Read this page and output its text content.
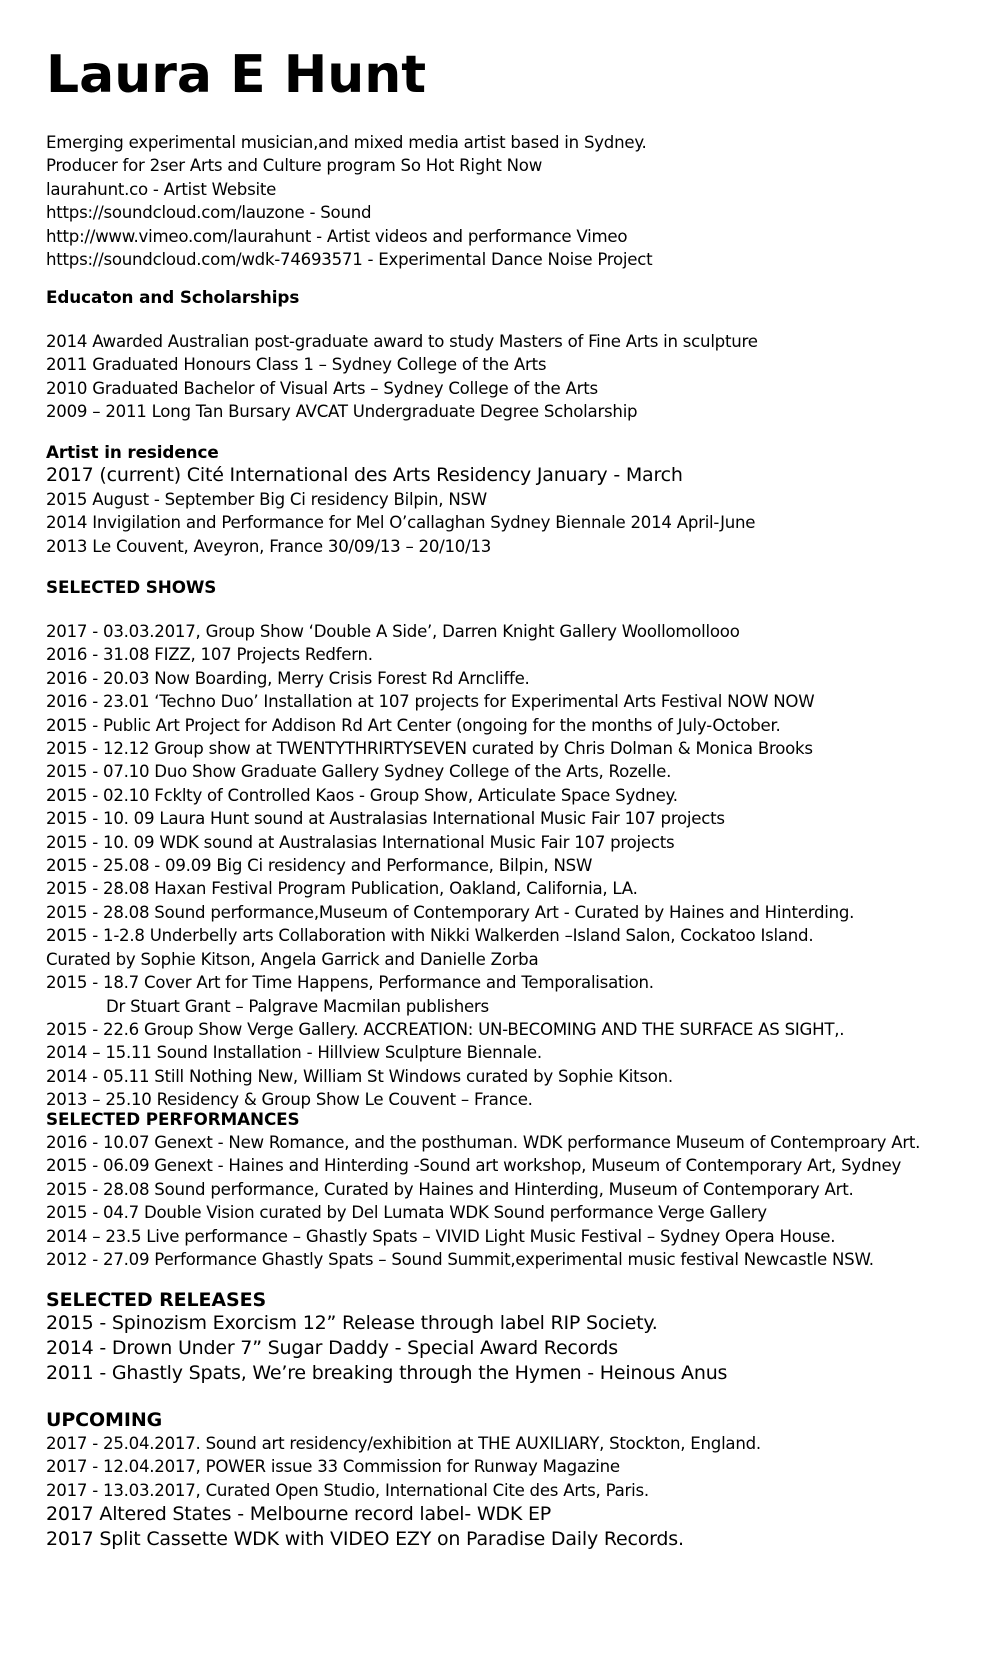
Laura E Hunt
Emerging experimental musician,and mixed media artist based in Sydney.
Producer for 2ser Arts and Culture program So Hot Right Now
laurahunt.co - Artist Website
https://soundcloud.com/lauzone - Sound
http://www.vimeo.com/laurahunt - Artist videos and performance Vimeo
https://soundcloud.com/wdk-74693571 - Experimental Dance Noise Project
Educaton and Scholarships
2014 Awarded Australian post-graduate award to study Masters of Fine Arts in sculpture
2011 Graduated Honours Class 1 – Sydney College of the Arts
2010 Graduated Bachelor of Visual Arts – Sydney College of the Arts
2009 – 2011 Long Tan Bursary AVCAT Undergraduate Degree Scholarship
Artist in residence
2017 (current) Cité International des Arts Residency January - March
2015 August - September Big Ci residency Bilpin, NSW
2014 Invigilation and Performance for Mel O’callaghan Sydney Biennale 2014 April-June
2013 Le Couvent, Aveyron, France 30/09/13 – 20/10/13
SELECTED SHOWS
2017 - 03.03.2017, Group Show ‘Double A Side’, Darren Knight Gallery Woollomollooo
2016 - 31.08 FIZZ, 107 Projects Redfern.
2016 - 20.03 Now Boarding, Merry Crisis Forest Rd Arncliffe.
2016 - 23.01 ‘Techno Duo’ Installation at 107 projects for Experimental Arts Festival NOW NOW
2015 - Public Art Project for Addison Rd Art Center (ongoing for the months of July-October.
2015 - 12.12 Group show at TWENTYTHRIRTYSEVEN curated by Chris Dolman & Monica Brooks
2015 - 07.10 Duo Show Graduate Gallery Sydney College of the Arts, Rozelle.
2015 - 02.10 Fcklty of Controlled Kaos - Group Show, Articulate Space Sydney.
2015 - 10. 09 Laura Hunt sound at Australasias International Music Fair 107 projects
2015 - 10. 09 WDK sound at Australasias International Music Fair 107 projects
2015 - 25.08 - 09.09 Big Ci residency and Performance, Bilpin, NSW
2015 - 28.08 Haxan Festival Program Publication, Oakland, California, LA.
2015 - 28.08 Sound performance,Museum of Contemporary Art - Curated by Haines and Hinterding.
2015 - 1-2.8 Underbelly arts Collaboration with Nikki Walkerden –Island Salon, Cockatoo Island.
Curated by Sophie Kitson, Angela Garrick and Danielle Zorba
2015 - 18.7 Cover Art for Time Happens, Performance and Temporalisation.
Dr Stuart Grant – Palgrave Macmilan publishers
2015 - 22.6 Group Show Verge Gallery. ACCREATION: UN-BECOMING AND THE SURFACE AS SIGHT,.
2014 – 15.11 Sound Installation - Hillview Sculpture Biennale.
2014 - 05.11 Still Nothing New, William St Windows curated by Sophie Kitson.
2013 – 25.10 Residency & Group Show Le Couvent – France.
SELECTED PERFORMANCES
2016 - 10.07 Genext - New Romance, and the posthuman. WDK performance Museum of Contemproary Art.
2015 - 06.09 Genext - Haines and Hinterding -Sound art workshop, Museum of Contemporary Art, Sydney
2015 - 28.08 Sound performance, Curated by Haines and Hinterding, Museum of Contemporary Art.
2015 - 04.7 Double Vision curated by Del Lumata WDK Sound performance Verge Gallery
2014 – 23.5 Live performance – Ghastly Spats – VIVID Light Music Festival – Sydney Opera House.
2012 - 27.09 Performance Ghastly Spats – Sound Summit,experimental music festival Newcastle NSW.
SELECTED RELEASES
2015 - Spinozism Exorcism 12” Release through label RIP Society.
2014 - Drown Under 7” Sugar Daddy - Special Award Records
2011 - Ghastly Spats, We’re breaking through the Hymen - Heinous Anus
UPCOMING
2017 - 25.04.2017. Sound art residency/exhibition at THE AUXILIARY, Stockton, England.
2017 - 12.04.2017, POWER issue 33 Commission for Runway Magazine
2017 - 13.03.2017, Curated Open Studio, International Cite des Arts, Paris.
2017 Altered States - Melbourne record label- WDK EP
2017 Split Cassette WDK with VIDEO EZY on Paradise Daily Records.
